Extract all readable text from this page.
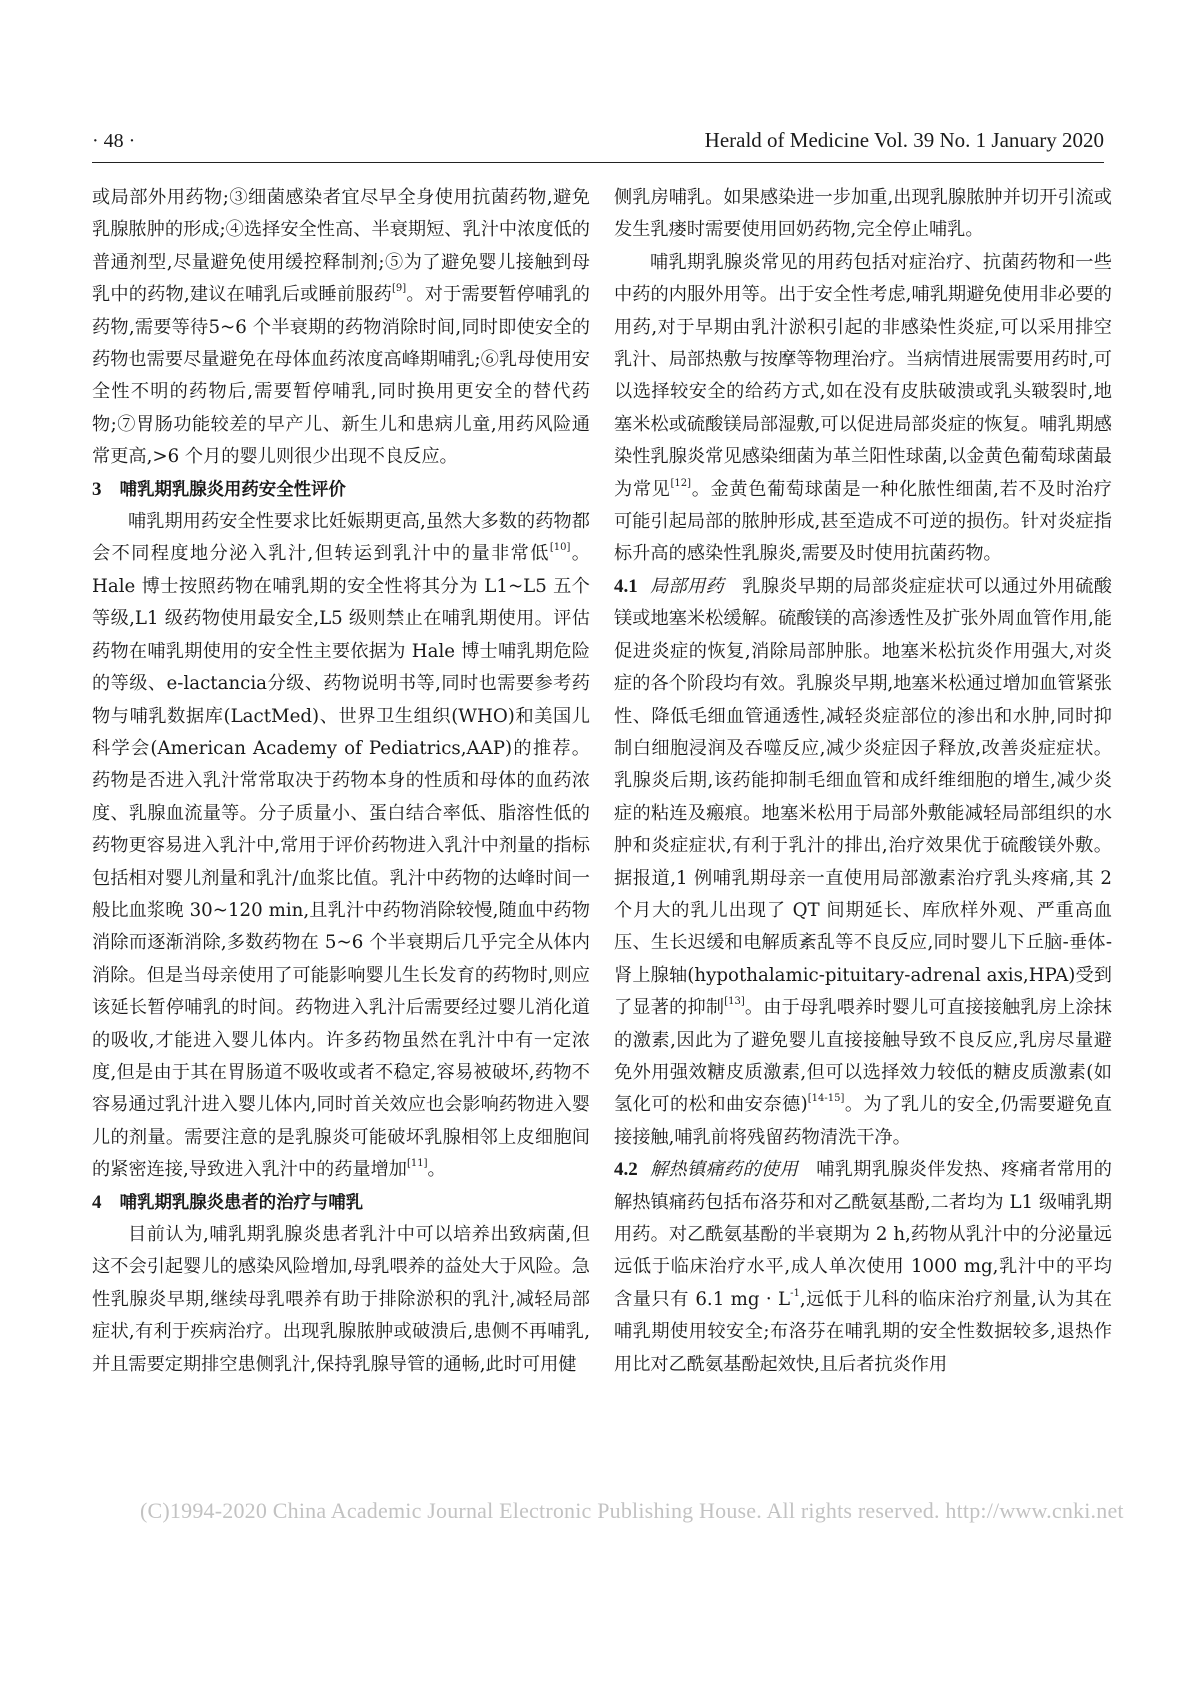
· 48 ·	Herald of Medicine Vol. 39 No. 1 January 2020

或局部外用药物;③细菌感染者宜尽早全身使用抗菌药物,避免乳腺脓肿的形成;④选择安全性高、半衰期短、乳汁中浓度低的普通剂型,尽量避免使用缓控释制剂;⑤为了避免婴儿接触到母乳中的药物,建议在哺乳后或睡前服药[9]。对于需要暂停哺乳的药物,需要等待5~6 个半衰期的药物消除时间,同时即使安全的药物也需要尽量避免在母体血药浓度高峰期哺乳;⑥乳母使用安全性不明的药物后,需要暂停哺乳,同时换用更安全的替代药物;⑦胃肠功能较差的早产儿、新生儿和患病儿童,用药风险通常更高,>6 个月的婴儿则很少出现不良反应。

3 哺乳期乳腺炎用药安全性评价

哺乳期用药安全性要求比妊娠期更高,虽然大多数的药物都会不同程度地分泌入乳汁,但转运到乳汁中的量非常低[10]。Hale 博士按照药物在哺乳期的安全性将其分为 L1~L5 五个等级,L1 级药物使用最安全,L5 级则禁止在哺乳期使用。评估药物在哺乳期使用的安全性主要依据为 Hale 博士哺乳期危险的等级、e-lactancia分级、药物说明书等,同时也需要参考药物与哺乳数据库(LactMed)、世界卫生组织(WHO)和美国儿科学会(American Academy of Pediatrics,AAP)的推荐。药物是否进入乳汁常常取决于药物本身的性质和母体的血药浓度、乳腺血流量等。分子质量小、蛋白结合率低、脂溶性低的药物更容易进入乳汁中,常用于评价药物进入乳汁中剂量的指标包括相对婴儿剂量和乳汁/血浆比值。乳汁中药物的达峰时间一般比血浆晚 30~120 min,且乳汁中药物消除较慢,随血中药物消除而逐渐消除,多数药物在 5~6 个半衰期后几乎完全从体内消除。但是当母亲使用了可能影响婴儿生长发育的药物时,则应该延长暂停哺乳的时间。药物进入乳汁后需要经过婴儿消化道的吸收,才能进入婴儿体内。许多药物虽然在乳汁中有一定浓度,但是由于其在胃肠道不吸收或者不稳定,容易被破坏,药物不容易通过乳汁进入婴儿体内,同时首关效应也会影响药物进入婴儿的剂量。需要注意的是乳腺炎可能破坏乳腺相邻上皮细胞间的紧密连接,导致进入乳汁中的药量增加[11]。

4 哺乳期乳腺炎患者的治疗与哺乳

目前认为,哺乳期乳腺炎患者乳汁中可以培养出致病菌,但这不会引起婴儿的感染风险增加,母乳喂养的益处大于风险。急性乳腺炎早期,继续母乳喂养有助于排除淤积的乳汁,减轻局部症状,有利于疾病治疗。出现乳腺脓肿或破溃后,患侧不再哺乳,并且需要定期排空患侧乳汁,保持乳腺导管的通畅,此时可用健

侧乳房哺乳。如果感染进一步加重,出现乳腺脓肿并切开引流或发生乳瘘时需要使用回奶药物,完全停止哺乳。

哺乳期乳腺炎常见的用药包括对症治疗、抗菌药物和一些中药的内服外用等。出于安全性考虑,哺乳期避免使用非必要的用药,对于早期由乳汁淤积引起的非感染性炎症,可以采用排空乳汁、局部热敷与按摩等物理治疗。当病情进展需要用药时,可以选择较安全的给药方式,如在没有皮肤破溃或乳头皲裂时,地塞米松或硫酸镁局部湿敷,可以促进局部炎症的恢复。哺乳期感染性乳腺炎常见感染细菌为革兰阳性球菌,以金黄色葡萄球菌最为常见[12]。金黄色葡萄球菌是一种化脓性细菌,若不及时治疗可能引起局部的脓肿形成,甚至造成不可逆的损伤。针对炎症指标升高的感染性乳腺炎,需要及时使用抗菌药物。

4.1 局部用药 乳腺炎早期的局部炎症症状可以通过外用硫酸镁或地塞米松缓解。硫酸镁的高渗透性及扩张外周血管作用,能促进炎症的恢复,消除局部肿胀。地塞米松抗炎作用强大,对炎症的各个阶段均有效。乳腺炎早期,地塞米松通过增加血管紧张性、降低毛细血管通透性,减轻炎症部位的渗出和水肿,同时抑制白细胞浸润及吞噬反应,减少炎症因子释放,改善炎症症状。乳腺炎后期,该药能抑制毛细血管和成纤维细胞的增生,减少炎症的粘连及瘢痕。地塞米松用于局部外敷能减轻局部组织的水肿和炎症症状,有利于乳汁的排出,治疗效果优于硫酸镁外敷。据报道,1 例哺乳期母亲一直使用局部激素治疗乳头疼痛,其 2 个月大的乳儿出现了 QT 间期延长、库欣样外观、严重高血压、生长迟缓和电解质紊乱等不良反应,同时婴儿下丘脑-垂体-肾上腺轴(hypothalamic-pituitary-adrenal axis,HPA)受到了显著的抑制[13]。由于母乳喂养时婴儿可直接接触乳房上涂抹的激素,因此为了避免婴儿直接接触导致不良反应,乳房尽量避免外用强效糖皮质激素,但可以选择效力较低的糖皮质激素(如氢化可的松和曲安奈德)[14-15]。为了乳儿的安全,仍需要避免直接接触,哺乳前将残留药物清洗干净。

4.2 解热镇痛药的使用 哺乳期乳腺炎伴发热、疼痛者常用的解热镇痛药包括布洛芬和对乙酰氨基酚,二者均为 L1 级哺乳期用药。对乙酰氨基酚的半衰期为 2 h,药物从乳汁中的分泌量远远低于临床治疗水平,成人单次使用 1000 mg,乳汁中的平均含量只有 6.1 mg · $L^{-1}$,远低于儿科的临床治疗剂量,认为其在哺乳期使用较安全;布洛芬在哺乳期的安全性数据较多,退热作用比对乙酰氨基酚起效快,且后者抗炎作用

(C)1994-2020 China Academic Journal Electronic Publishing House. All rights reserved. http://www.cnki.net
